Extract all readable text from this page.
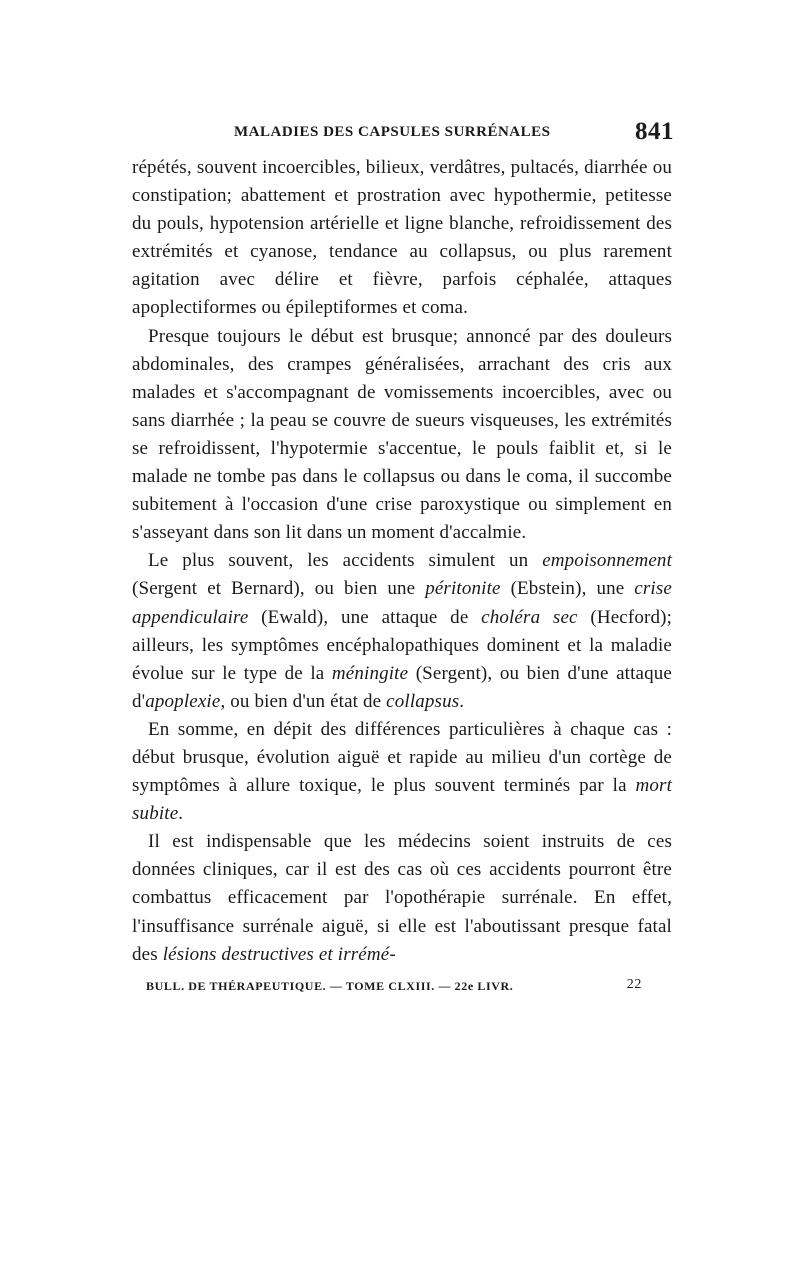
MALADIES DES CAPSULES SURRÉNALES	841

répétés, souvent incoercibles, bilieux, verdâtres, pultacés, diarrhée ou constipation; abattement et prostration avec hypothermie, petitesse du pouls, hypotension artérielle et ligne blanche, refroidissement des extrémités et cyanose, tendance au collapsus, ou plus rarement agitation avec délire et fièvre, parfois céphalée, attaques apoplectiformes ou épileptiformes et coma.

Presque toujours le début est brusque; annoncé par des douleurs abdominales, des crampes généralisées, arrachant des cris aux malades et s'accompagnant de vomissements incoercibles, avec ou sans diarrhée ; la peau se couvre de sueurs visqueuses, les extrémités se refroidissent, l'hypotermie s'accentue, le pouls faiblit et, si le malade ne tombe pas dans le collapsus ou dans le coma, il succombe subitement à l'occasion d'une crise paroxystique ou simplement en s'asseyant dans son lit dans un moment d'accalmie.

Le plus souvent, les accidents simulent un empoisonnement (Sergent et Bernard), ou bien une péritonite (Ebstein), une crise appendiculaire (Ewald), une attaque de choléra sec (Hecford); ailleurs, les symptômes encéphalopathiques dominent et la maladie évolue sur le type de la méningite (Sergent), ou bien d'une attaque d'apoplexie, ou bien d'un état de collapsus.

En somme, en dépit des différences particulières à chaque cas : début brusque, évolution aiguë et rapide au milieu d'un cortège de symptômes à allure toxique, le plus souvent terminés par la mort subite.

Il est indispensable que les médecins soient instruits de ces données cliniques, car il est des cas où ces accidents pourront être combattus efficacement par l'opothérapie surrénale. En effet, l'insuffisance surrénale aiguë, si elle est l'aboutissant presque fatal des lésions destructives et irrémé-

BULL. DE THÉRAPEUTIQUE. — TOME CLXIII. — 22e LIVR.	22
